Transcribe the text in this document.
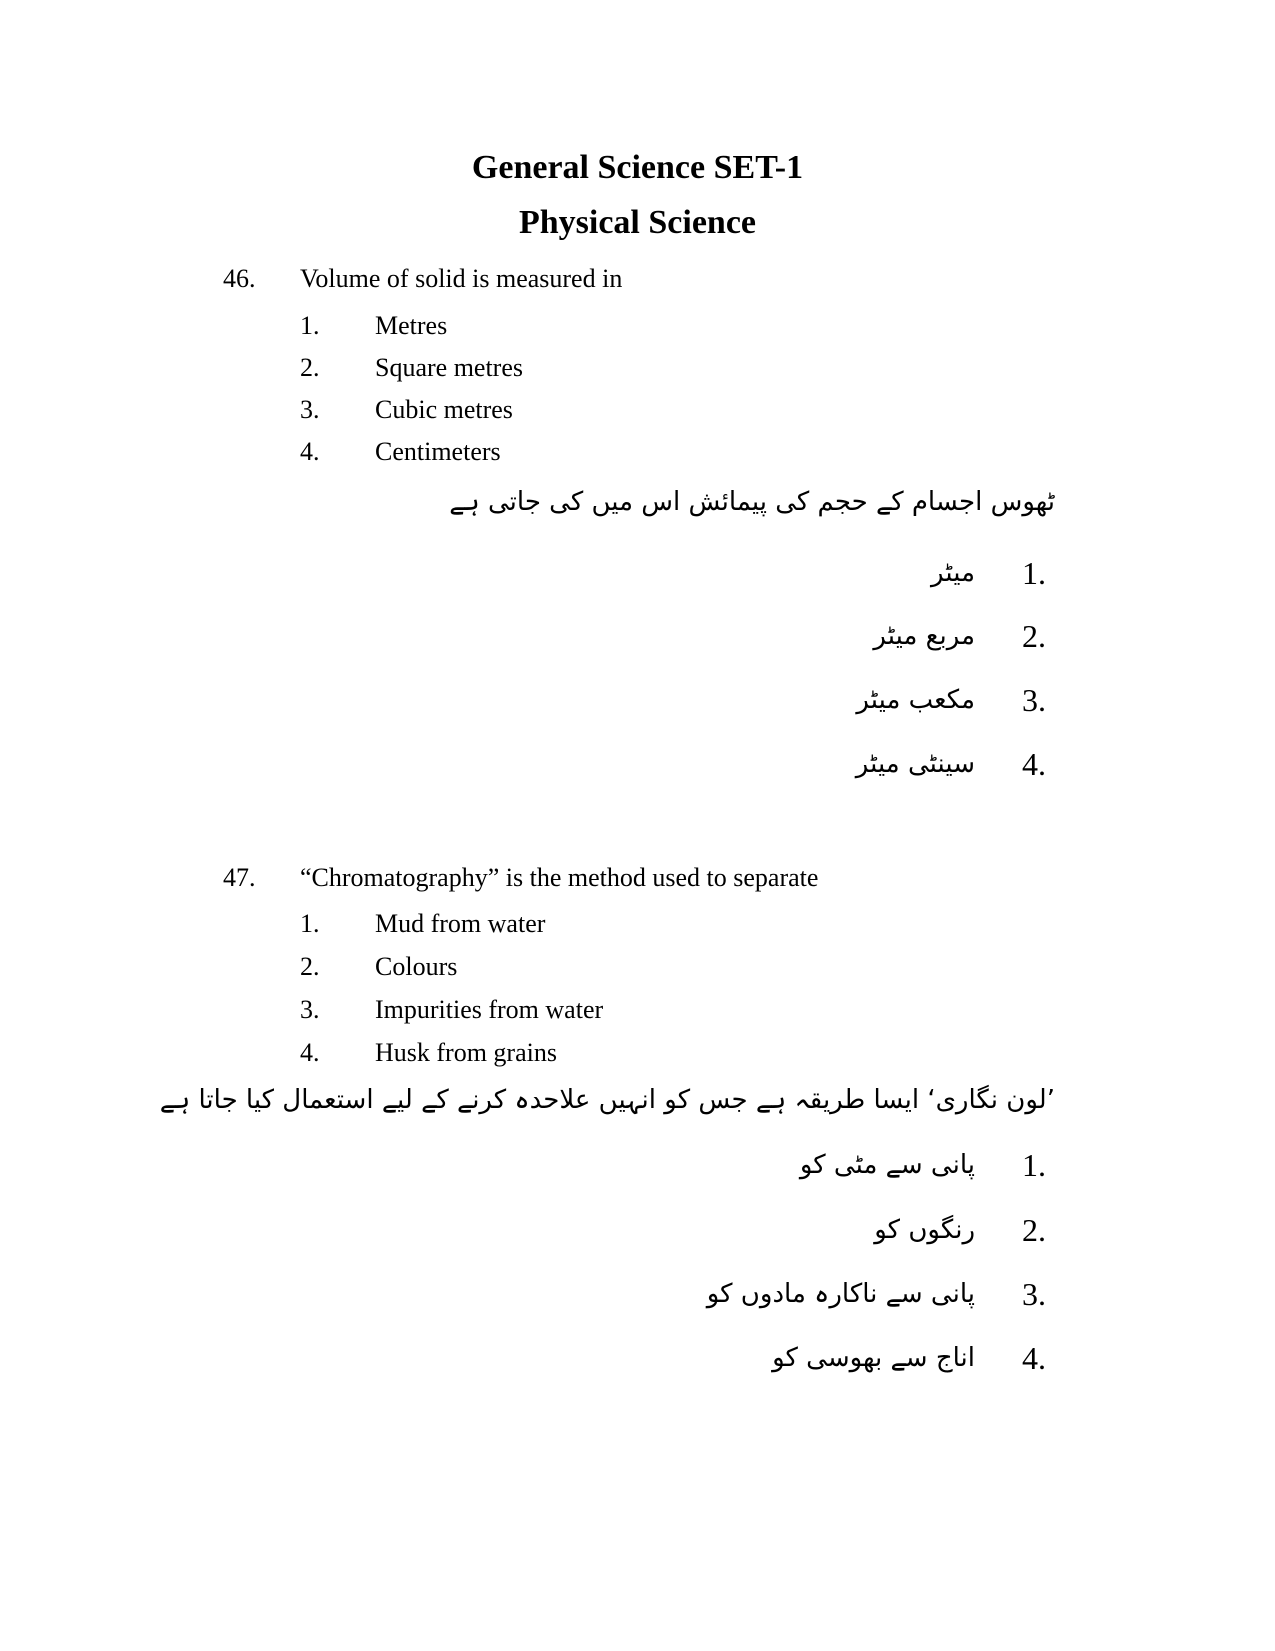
General Science SET-1
Physical Science
46. Volume of solid is measured in
1. Metres
2. Square metres
3. Cubic metres
4. Centimeters
ٹھوس اجسام کے حجم کی پیمائش اس میں کی جاتی ہے
1.
میٹر
2.
مربع میٹر
3.
مکعب میٹر
4.
سینٹی میٹر
47. “Chromatography” is the method used to separate
1. Mud from water
2. Colours
3. Impurities from water
4. Husk from grains
’لون نگاری‘ ایسا طریقہ ہے جس کو انہیں علاحدہ کرنے کے لیے استعمال کیا جاتا ہے
1.
پانی سے مٹی کو
2.
رنگوں کو
3.
پانی سے ناکارہ مادوں کو
4.
اناج سے بھوسی کو
